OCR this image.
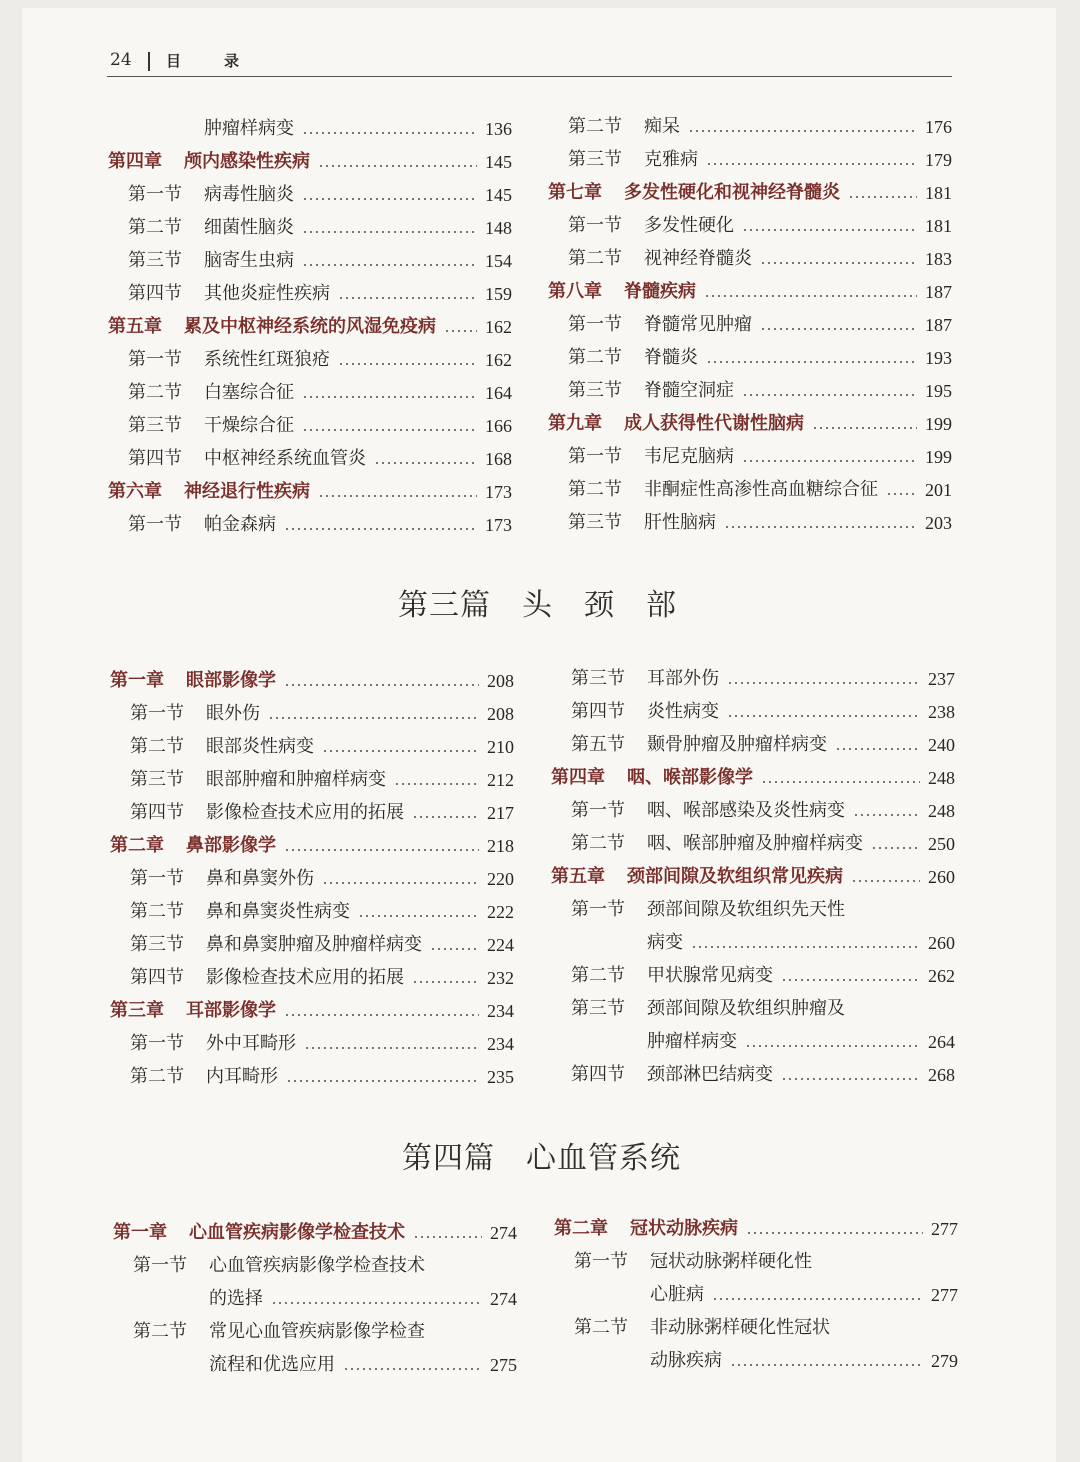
24 目	录
肿瘤样病变	136
第四章 颅内感染性疾病	145
第一节	病毒性脑炎	145
第二节	细菌性脑炎	148
第三节	脑寄生虫病	154
第四节	其他炎症性疾病	159
第五章 累及中枢神经系统的风湿免疫病	162
第一节	系统性红斑狼疮	162
第二节	白塞综合征	164
第三节	干燥综合征	166
第四节	中枢神经系统血管炎	168
第六章 神经退行性疾病	173
第一节	帕金森病	173
第二节	痴呆	176
第三节	克雅病	179
第七章 多发性硬化和视神经脊髓炎	181
第一节	多发性硬化	181
第二节	视神经脊髓炎	183
第八章 脊髓疾病	187
第一节	脊髓常见肿瘤	187
第二节	脊髓炎	193
第三节	脊髓空洞症	195
第九章 成人获得性代谢性脑病	199
第一节	韦尼克脑病	199
第二节	非酮症性高渗性高血糖综合征	201
第三节	肝性脑病	203
第三篇　头　颈　部
第一章 眼部影像学	208
第一节	眼外伤	208
第二节	眼部炎性病变	210
第三节	眼部肿瘤和肿瘤样病变	212
第四节	影像检查技术应用的拓展	217
第二章 鼻部影像学	218
第一节	鼻和鼻窦外伤	220
第二节	鼻和鼻窦炎性病变	222
第三节	鼻和鼻窦肿瘤及肿瘤样病变	224
第四节	影像检查技术应用的拓展	232
第三章 耳部影像学	234
第一节	外中耳畸形	234
第二节	内耳畸形	235
第三节	耳部外伤	237
第四节	炎性病变	238
第五节	颞骨肿瘤及肿瘤样病变	240
第四章 咽、喉部影像学	248
第一节	咽、喉部感染及炎性病变	248
第二节	咽、喉部肿瘤及肿瘤样病变	250
第五章 颈部间隙及软组织常见疾病	260
第一节	颈部间隙及软组织先天性
病变	260
第二节	甲状腺常见病变	262
第三节	颈部间隙及软组织肿瘤及
肿瘤样病变	264
第四节	颈部淋巴结病变	268
第四篇　心血管系统
第一章 心血管疾病影像学检查技术	274
第一节	心血管疾病影像学检查技术
的选择	274
第二节	常见心血管疾病影像学检查
流程和优选应用	275
第二章 冠状动脉疾病	277
第一节	冠状动脉粥样硬化性
心脏病	277
第二节	非动脉粥样硬化性冠状
动脉疾病	279
